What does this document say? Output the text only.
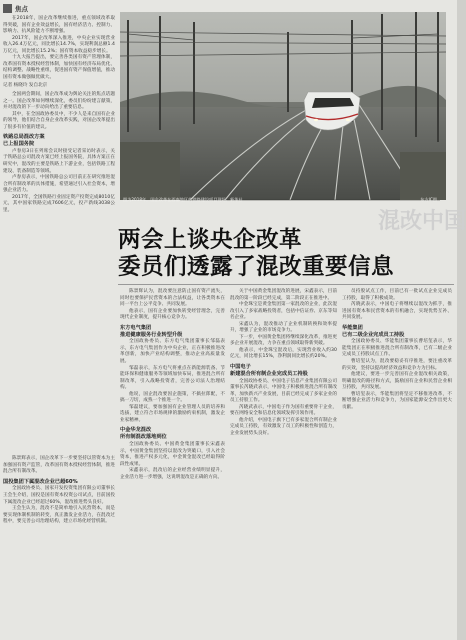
焦点

在2018年，国企改革继续推进，重点领域改革取得突破，国有企业效益增长，国有经济活力、控制力、影响力、抗风险能力不断增强。

2017年，国企改革深入推进，中央企业实现营业收入26.4万亿元，同比增长14.7%，实现利润总额1.4万亿元，同比增长15.2%；国有资本收益稳步增长。

十九大报告提出，要完善各类国有资产管理体制，改革国有资本授权经营体制，加快国有经济布局优化、结构调整、战略性重组，促进国有资产保值增值，推动国有资本做强做优做大。

记者 杨晓玲 发自北京

全国两会期间，国企改革成为舆论关注的焦点话题之一。国企改革如何继续深化，委员们纷纷建言献策，并对混改的下一步动向给出了重要信息。

其中，在全国政协委员中，不少人是来自国有企业的领导，他们结合自身企业改革实践，对国企改革提出了很多有价值的建议。

铁路总局混改方案
已上报国务院

卢春房3日在列席会议时接受记者采访时表示，关于铁路总公司混改方案已经上报国务院，具体方案正在研究中，混改的主要是铁路上下游企业，包括铁路工程建设、装备制造等领域。

卢春房表示，中国铁路总公司目前正在研究推进混合所有制改革的具体措施，希望通过引入社会资本，增强企业活力。

2017年，全国铁路行业固定资产投资完成8010亿元，其中国家铁路完成7606亿元，投产新线3038公里。

陈景辉表示，国企改革下一步要坚持以管资本为主加强国有资产监管，改革国有资本授权经营体制，推进混合所有制改革。

国投集团下属混改企业已超60%

全国政协委员、国家开发投资集团有限公司董事长王会生介绍，国投是国有资本投资公司试点，目前国投下属混改企业已经超过60%，混改推进势头良好。

王会生认为，混改不是简单地引入民营资本，而是要实现体制机制的转变，真正激发企业活力，在混改过程中，要完善公司治理结构，建立市场化经营机制。

图为2018年，国企改革在西南地区的铁路建设项目现场。新华社	东方IC图
两会上谈央企改革
委员们透露了混改重要信息
混改中国

陈景辉认为，混改要注意防止国有资产流失，同时也要保护民营资本的合法权益，让各类资本在同一平台上公平竞争、共同发展。

他表示，国有企业要加快转变经营理念，完善现代企业制度，提升核心竞争力。

东方电气集团
推进健康服务行业转型升级

全国政协委员、东方电气集团董事长邹磊表示，东方电气集团作为中央企业，正在积极推进改革创新，加快产业结构调整，推动企业高质量发展。

邹磊表示，东方电气将重点在新能源装备、节能环保和健康服务等领域加快布局，推进混合所有制改革，引入战略投资者，完善公司法人治理结构。

他说，国企混改要因企施策，不搞拉郎配，不搞一刀切，成熟一个推进一个。

邹磊建议，要加强国有企业管理人员的培养和选拔，建立符合市场规律的激励约束机制，激发企业家精神。

中金华龙混改
所有制混改落地到位

全国政协委员、中国黄金集团董事长宋鑫表示，中国黄金集团坚持以混改为突破口，引入社会资本，推进产权多元化，中金黄金混改已经取得阶段性成果。

宋鑫表示，混改后的企业经营业绩明显提升，企业活力进一步增强，这说明混改是正确的方向。

关于中国黄金集团混改的进展，宋鑫表示，目前混改的第一阶段已经完成，第二阶段正在推进中。

中金珠宝是黄金集团第一家混改的企业，此次混改引入了多家战略投资者，包括中信证券、京东等知名企业。

宋鑫认为，混改推动了企业机制转换和效率提升，增强了企业的市场竞争力。

下一步，中国黄金集团将继续深化改革，推进更多企业开展混改，力争在重点领域取得新突破。

他表示，中金珠宝混改后，实现营业收入约30亿元，同比增长15%，净利润同比增长约20%。

中国电子
新建混合所有制企业完成员工持股

全国政协委员、中国电子信息产业集团有限公司董事长芮晓武表示，中国电子积极推进混合所有制改革，加快新兴产业发展，目前已经完成了多家企业的员工持股工作。

芮晓武表示，中国电子作为国有重要骨干企业，要在网络安全和信息化领域发挥引领作用。

他介绍，中国电子旗下已有多家混合所有制企业完成员工持股，有效激发了员工的积极性和创造力，企业发展势头良好。

员持股试点工作，目前已有一批试点企业完成员工持股，取得了积极成效。

芮晓武表示，中国电子将继续以混改为抓手，推进国有资本和民营资本的有机融合，实现优势互补、共同发展。

华能集团
已有二级企业完成员工持股

全国政协委员、华能集团董事长曹培玺表示，华能集团正在积极推进混合所有制改革，已有二级企业完成员工持股试点工作。

曹培玺认为，混改要稳妥有序推进，要注重改革的实效，坚持以提高经济效益和竞争力为目标。

他建议，要进一步完善国有企业混改相关政策，明确混改的路径和方式，鼓励国有企业和民营企业相互持股，共同发展。

曹培玺表示，华能集团将坚定不移推进改革，不断增强企业活力和竞争力，为国家能源安全作出更大贡献。
